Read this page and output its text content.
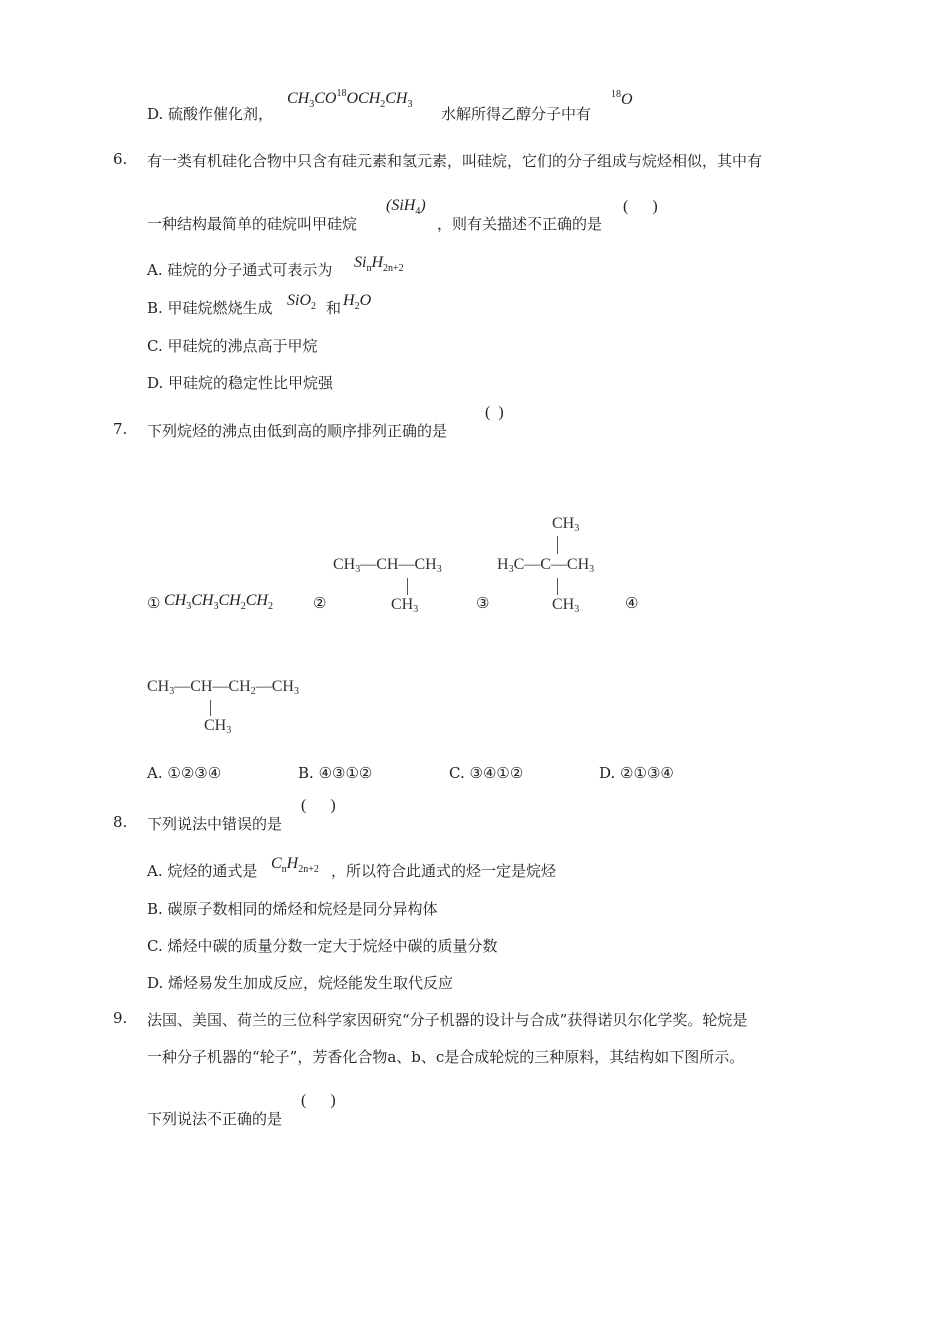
D. 硫酸作催化剂，
$CH_3CO^{18}OCH_2CH_3$
水解所得乙醇分子中有
$^{18}$O
6.	有一类有机硅化合物中只含有硅元素和氢元素，叫硅烷，它们的分子组成与烷烃相似，其中有
一种结构最简单的硅烷叫甲硅烷
(SiH$_4$)
，则有关描述不正确的是
( )
A. 硅烷的分子通式可表示为 $Si_nH_{2n+2}$
B. 甲硅烷燃烧生成 SiO$_2$ 和 $H_2O$
C. 甲硅烷的沸点高于甲烷
D. 甲硅烷的稳定性比甲烷强
7.	下列烷烃的沸点由低到高的顺序排列正确的是
( )
① $CH_3CH_3CH_2CH_2$	②
CH3—CH—CH3
CH3	③
CH3
H3C—C—CH3
CH3	④
CH3—CH—CH2—CH3
CH3
A. ①②③④	B. ④③①②	C. ③④①②	D. ②①③④
8.	下列说法中错误的是
( )
A. 烷烃的通式是 $C_nH_{2n+2}$ ，所以符合此通式的烃一定是烷烃
B. 碳原子数相同的烯烃和烷烃是同分异构体
C. 烯烃中碳的质量分数一定大于烷烃中碳的质量分数
D. 烯烃易发生加成反应，烷烃能发生取代反应
9.	法国、美国、荷兰的三位科学家因研究“分子机器的设计与合成”获得诺贝尔化学奖。轮烷是
一种分子机器的“轮子”，芳香化合物a、b、c是合成轮烷的三种原料，其结构如下图所示。
下列说法不正确的是
( )
